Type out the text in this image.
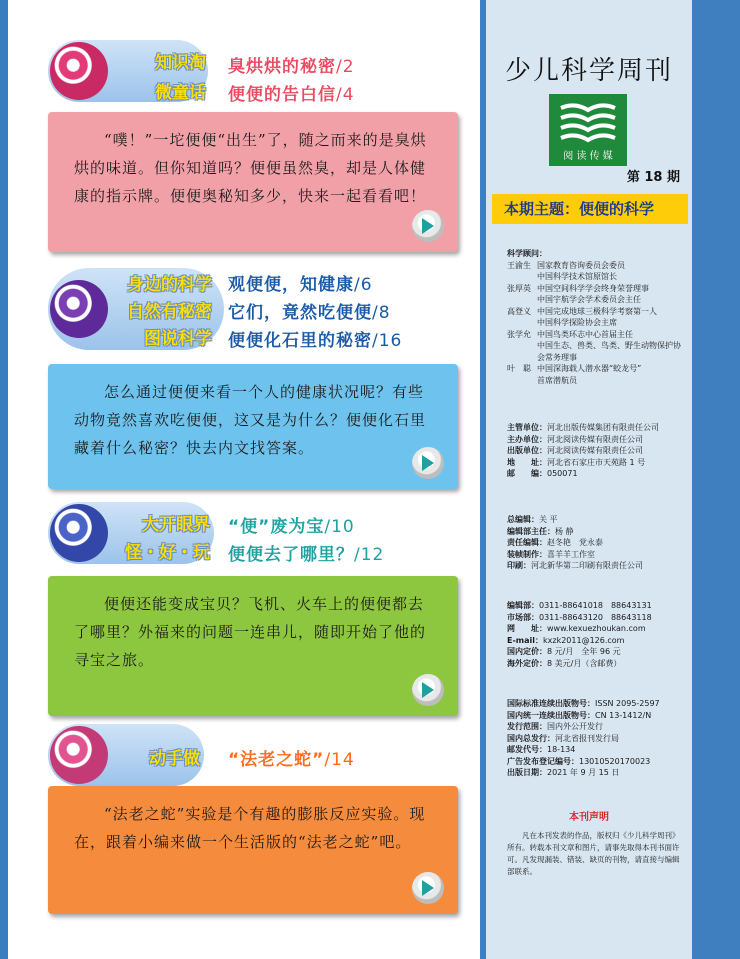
知识淘
微童话
臭烘烘的秘密/2
便便的告白信/4

“噗！”一坨便便“出生”了，随之而来的是臭烘烘的味道。但你知道吗？便便虽然臭，却是人体健康的指示牌。便便奥秘知多少，快来一起看看吧！

身边的科学
自然有秘密
图说科学
观便便，知健康/6
它们，竟然吃便便/8
便便化石里的秘密/16

怎么通过便便来看一个人的健康状况呢？有些动物竟然喜欢吃便便，这又是为什么？便便化石里藏着什么秘密？快去内文找答案。

大开眼界
怪・好・玩
“便”废为宝/10
便便去了哪里？/12

便便还能变成宝贝？飞机、火车上的便便都去了哪里？外福来的问题一连串儿，随即开始了他的寻宝之旅。

动手做 “法老之蛇”/14

“法老之蛇”实验是个有趣的膨胀反应实验。现在，跟着小编来做一个生活版的“法老之蛇”吧。

少儿科学周刊
阅 读 传 媒
第 18 期
本期主题：便便的科学
科学顾问：
王渝生 国家教育咨询委员会委员
中国科学技术馆原馆长
张厚英 中国空间科学学会终身荣誉理事
中国宇航学会学术委员会主任
高登义 中国完成地球三极科学考察第一人
中国科学探险协会主席
张学允 中国鸟类环志中心首届主任
中国生态、兽类、鸟类、野生动物保护协会常务理事
叶　聪 中国深海载人潜水器“蛟龙号”
首席潜航员
主管单位：河北出版传媒集团有限责任公司
主办单位：河北阅读传媒有限责任公司
出版单位：河北阅读传媒有限责任公司
地　　址：河北省石家庄市天苑路 1 号
邮　　编：050071
总编辑：关 平
编辑部主任：杨 静
责任编辑：赵冬艳　党永泰
装帧制作：喜羊羊工作室
印刷：河北新华第二印刷有限责任公司
编辑部：0311-88641018　88643131
市场部：0311-88643120　88643118
网　　址：www.kexuezhoukan.com
E-mail：kxzk2011@126.com
国内定价：8 元/月　全年 96 元
海外定价：8 美元/月（含邮费）
国际标准连续出版物号：ISSN 2095-2597
国内统一连续出版物号：CN 13-1412/N
发行范围：国内外公开发行
国内总发行：河北省报刊发行局
邮发代号：18-134
广告发布登记编号：13010520170023
出版日期：2021 年 9 月 15 日
本刊声明
凡在本刊发表的作品，版权归《少儿科学周刊》所有。转载本刊文章和图片，请事先取得本刊书面许可。凡发现漏装、错装、缺页的刊物，请直接与编辑部联系。
